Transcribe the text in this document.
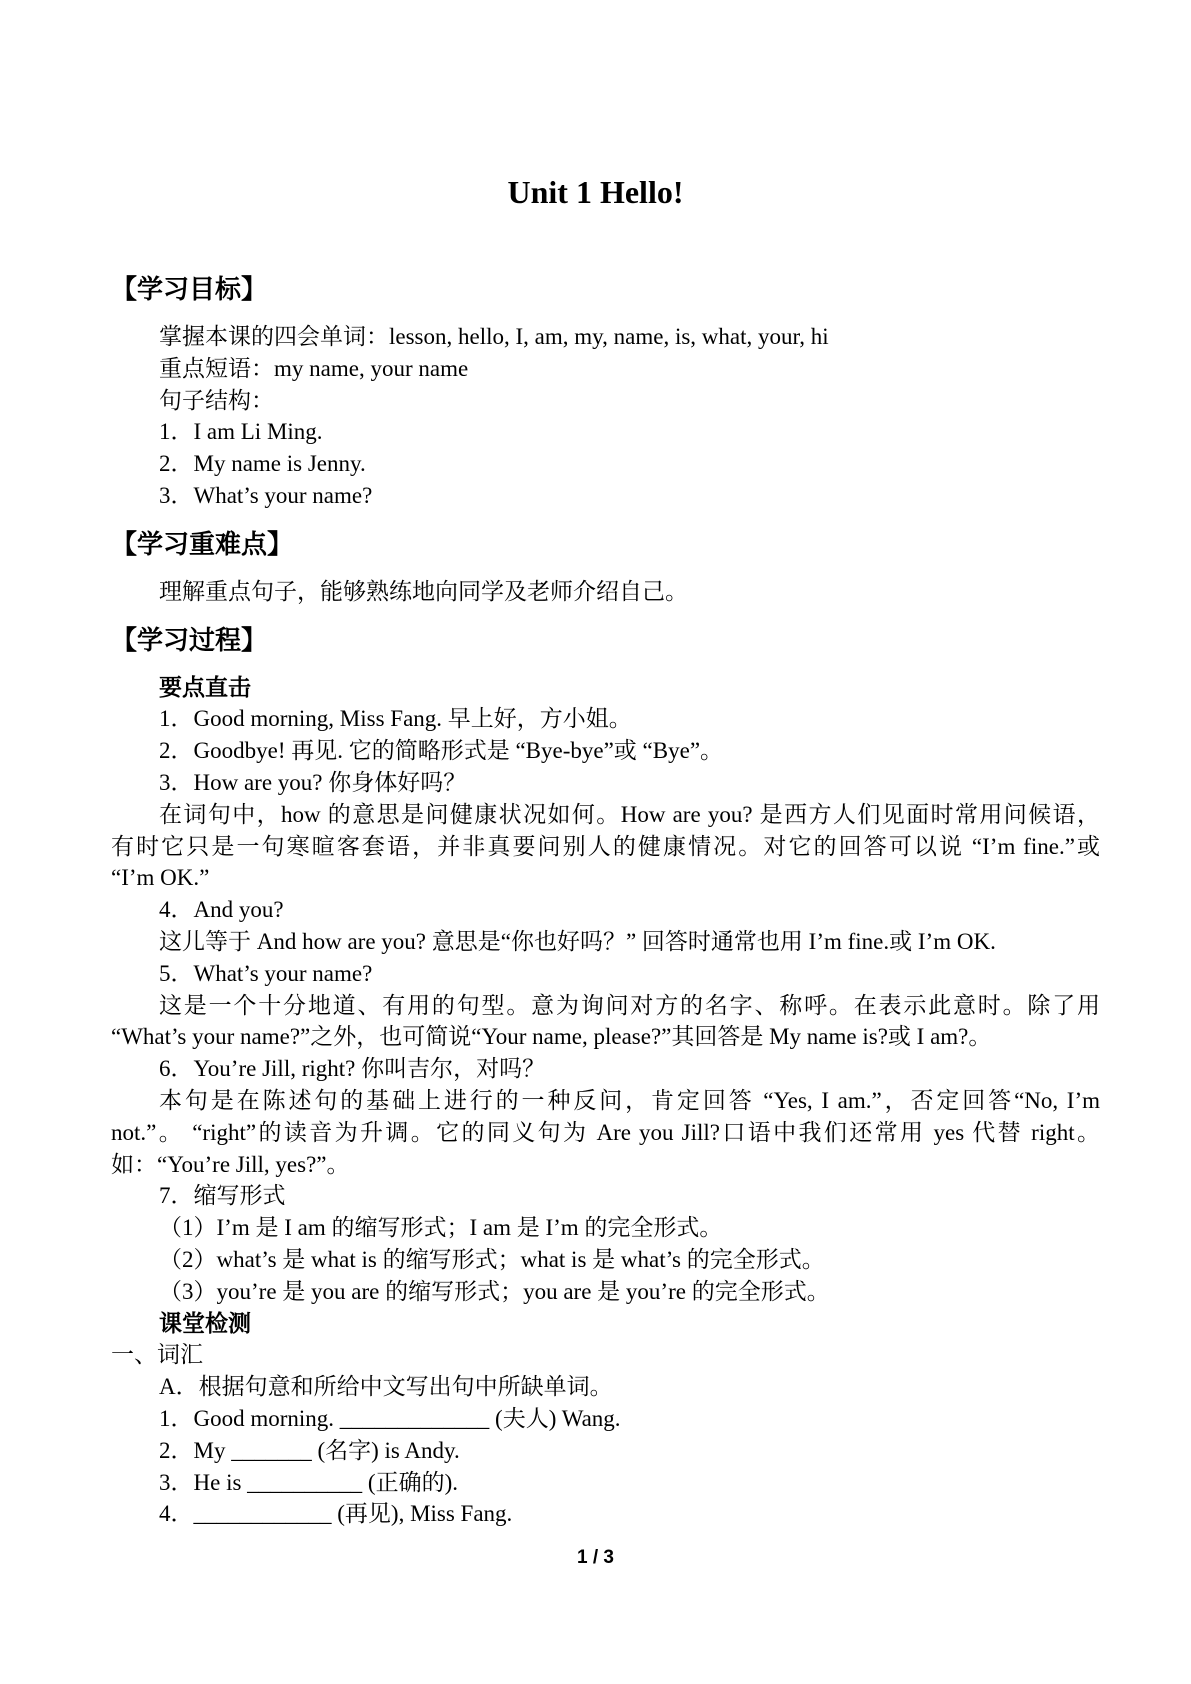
Unit 1 Hello!
【学习目标】
掌握本课的四会单词：lesson, hello, I, am, my, name, is, what, your, hi
重点短语：my name, your name
句子结构：
1．I am Li Ming.
2．My name is Jenny.
3．What’s your name?
【学习重难点】
理解重点句子，能够熟练地向同学及老师介绍自己。
【学习过程】
要点直击
1．Good morning, Miss Fang. 早上好，方小姐。
2．Goodbye! 再见. 它的简略形式是 “Bye-bye”或 “Bye”。
3．How are you? 你身体好吗？
在词句中，how 的意思是问健康状况如何。How are you? 是西方人们见面时常用问候语，
有时它只是一句寒暄客套语，并非真要问别人的健康情况。对它的回答可以说 “I’m fine.”或
“I’m OK.”
4．And you?
这儿等于 And how are you? 意思是“你也好吗？” 回答时通常也用 I’m fine.或 I’m OK.
5．What’s your name?
这是一个十分地道、有用的句型。意为询问对方的名字、称呼。在表示此意时。除了用
“What’s your name?”之外，也可简说“Your name, please?”其回答是 My name is?或 I am?。
6．You’re Jill, right? 你叫吉尔，对吗？
本句是在陈述句的基础上进行的一种反问，肯定回答 “Yes, I am.”，否定回答“No, I’m
not.”。 “right”的读音为升调。它的同义句为 Are you Jill?口语中我们还常用 yes 代替 right。
如：“You’re Jill, yes?”。
7．缩写形式
（1）I’m 是 I am 的缩写形式；I am 是 I’m 的完全形式。
（2）what’s 是 what is 的缩写形式；what is 是 what’s 的完全形式。
（3）you’re 是 you are 的缩写形式；you are 是 you’re 的完全形式。
课堂检测
一、词汇
A．根据句意和所给中文写出句中所缺单词。
1．Good morning. _____________ (夫人) Wang.
2．My _______ (名字) is Andy.
3．He is __________ (正确的).
4．____________ (再见), Miss Fang.
1 / 3
